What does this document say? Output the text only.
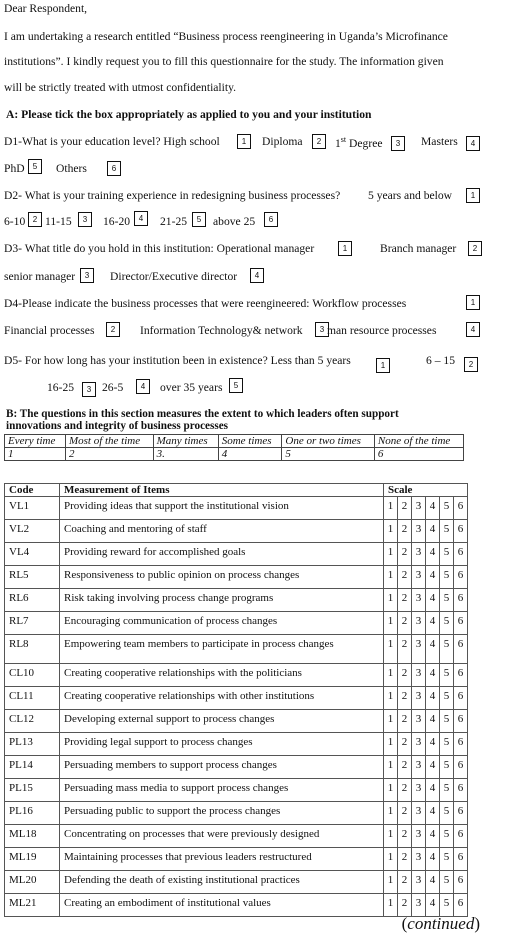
Dear Respondent,
I am undertaking a research entitled “Business process reengineering in Uganda’s Microfinance
institutions”. I kindly request you to fill this questionnaire for the study. The information given
will be strictly treated with utmost confidentiality.
A: Please tick the box appropriately as applied to you and your institution
D1-What is your education level? High school	1	Diploma	2	1st Degree	3	Masters	4
PhD	5	Others	6
D2- What is your training experience in redesigning business processes? 5 years and below	1
6-10 2 11-15	3	16-20	4	21-25	5	above 25	6
D3- What title do you hold in this institution: Operational manager	1	Branch manager	2
senior manager	3	Director/Executive director	4
D4-Please indicate the business processes that were reengineered: Workflow processes	1
Financial processes	2	Information Technology& network	3 man resource processes	4
D5- For how long has your institution been in existence? Less than 5 years	1	6 – 15	2
16-25	3 26-5	4	over 35 years	5
B: The questions in this section measures the extent to which leaders often support
innovations and integrity of business processes
Every time	Most of the time	Many times	Some times	One or two times	None of the time
1	2	3.	4	5	6
Code	Measurement of Items	Scale					
VL1	Providing ideas that support the institutional vision	1	2	3	4	5	6
VL2	Coaching and mentoring of staff	1	2	3	4	5	6
VL4	Providing reward for accomplished goals	1	2	3	4	5	6
RL5	Responsiveness to public opinion on process changes	1	2	3	4	5	6
RL6	Risk taking involving process change programs	1	2	3	4	5	6
RL7	Encouraging communication of process changes	1	2	3	4	5	6
RL8	Empowering team members to participate in process changes	1	2	3	4	5	6
CL10	Creating cooperative relationships with the politicians	1	2	3	4	5	6
CL11	Creating cooperative relationships with other institutions	1	2	3	4	5	6
CL12	Developing external support to process changes	1	2	3	4	5	6
PL13	Providing legal support to process changes	1	2	3	4	5	6
PL14	Persuading members to support process changes	1	2	3	4	5	6
PL15	Persuading mass media to support process changes	1	2	3	4	5	6
PL16	Persuading public to support the process changes	1	2	3	4	5	6
ML18	Concentrating on processes that were previously designed	1	2	3	4	5	6
ML19	Maintaining processes that previous leaders restructured	1	2	3	4	5	6
ML20	Defending the death of existing institutional practices	1	2	3	4	5	6
ML21	Creating an embodiment of institutional values	1	2	3	4	5	6
(continued)
